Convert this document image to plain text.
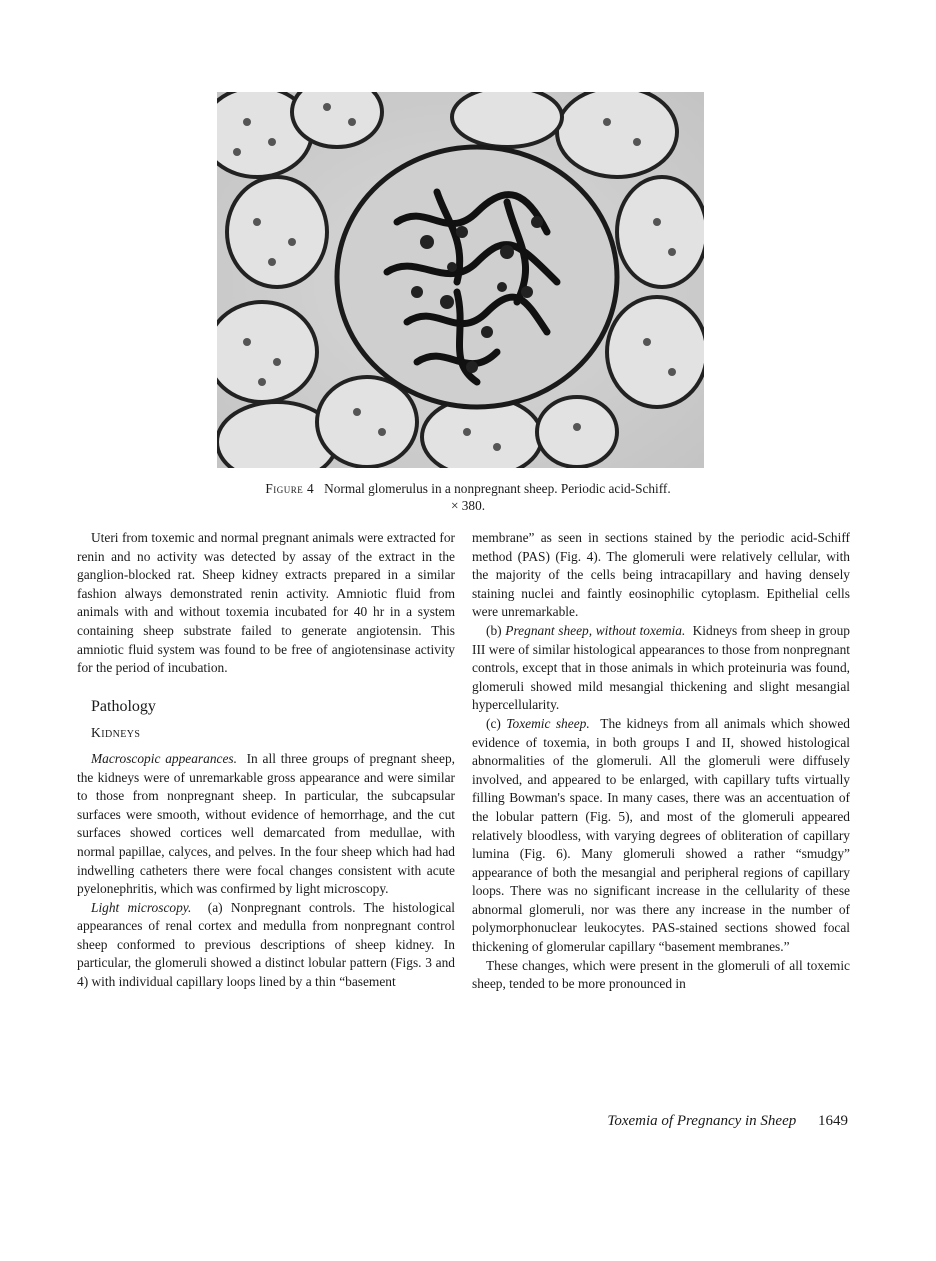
Figure 4 Normal glomerulus in a nonpregnant sheep. Periodic acid-Schiff.
× 380.

Uteri from toxemic and normal pregnant animals were extracted for renin and no activity was detected by assay of the extract in the ganglion-blocked rat. Sheep kidney extracts prepared in a similar fashion always demonstrated renin activity. Amniotic fluid from animals with and without toxemia incubated for 40 hr in a system containing sheep substrate failed to generate angiotensin. This amniotic fluid system was found to be free of angiotensinase activity for the period of incubation.

Pathology
Kidneys

Macroscopic appearances. In all three groups of pregnant sheep, the kidneys were of unremarkable gross appearance and were similar to those from nonpregnant sheep. In particular, the subcapsular surfaces were smooth, without evidence of hemorrhage, and the cut surfaces showed cortices well demarcated from medullae, with normal papillae, calyces, and pelves. In the four sheep which had had indwelling catheters there were focal changes consistent with acute pyelonephritis, which was confirmed by light microscopy.

Light microscopy. (a) Nonpregnant controls. The histological appearances of renal cortex and medulla from nonpregnant control sheep conformed to previous descriptions of sheep kidney. In particular, the glomeruli showed a distinct lobular pattern (Figs. 3 and 4) with individual capillary loops lined by a thin “basement

membrane” as seen in sections stained by the periodic acid-Schiff method (PAS) (Fig. 4). The glomeruli were relatively cellular, with the majority of the cells being intracapillary and having densely staining nuclei and faintly eosinophilic cytoplasm. Epithelial cells were unremarkable.

(b) Pregnant sheep, without toxemia. Kidneys from sheep in group III were of similar histological appearances to those from nonpregnant controls, except that in those animals in which proteinuria was found, glomeruli showed mild mesangial thickening and slight mesangial hypercellularity.

(c) Toxemic sheep. The kidneys from all animals which showed evidence of toxemia, in both groups I and II, showed histological abnormalities of the glomeruli. All the glomeruli were diffusely involved, and appeared to be enlarged, with capillary tufts virtually filling Bowman's space. In many cases, there was an accentuation of the lobular pattern (Fig. 5), and most of the glomeruli appeared relatively bloodless, with varying degrees of obliteration of capillary lumina (Fig. 6). Many glomeruli showed a rather “smudgy” appearance of both the mesangial and peripheral regions of capillary loops. There was no significant increase in the cellularity of these abnormal glomeruli, nor was there any increase in the number of polymorphonuclear leukocytes. PAS-stained sections showed focal thickening of glomerular capillary “basement membranes.”

These changes, which were present in the glomeruli of all toxemic sheep, tended to be more pronounced in

Toxemia of Pregnancy in Sheep 1649
